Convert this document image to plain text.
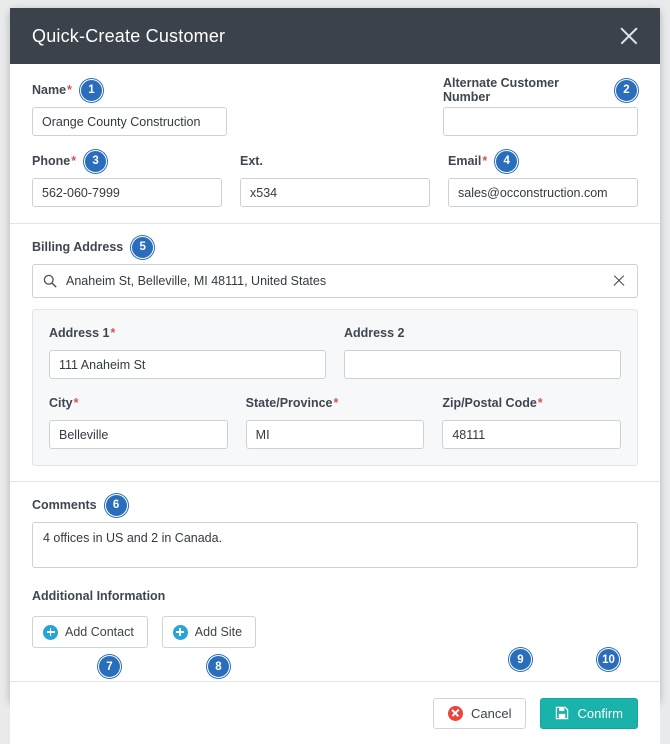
Quick-Create Customer
Name *	1
Orange County Construction
Alternate Customer Number	2
Phone *	3
562-060-7999
Ext.
x534
Email *	4
sales@occonstruction.com
Billing Address	5
Anaheim St, Belleville, MI 48111, United States
Address 1 *
111 Anaheim St
Address 2
City *
Belleville
State/Province *
MI
Zip/Postal Code *
48111
Comments	6
4 offices in US and 2 in Canada.
Additional Information
Add Contact	Add Site
7	8
9	10
Cancel	Confirm
